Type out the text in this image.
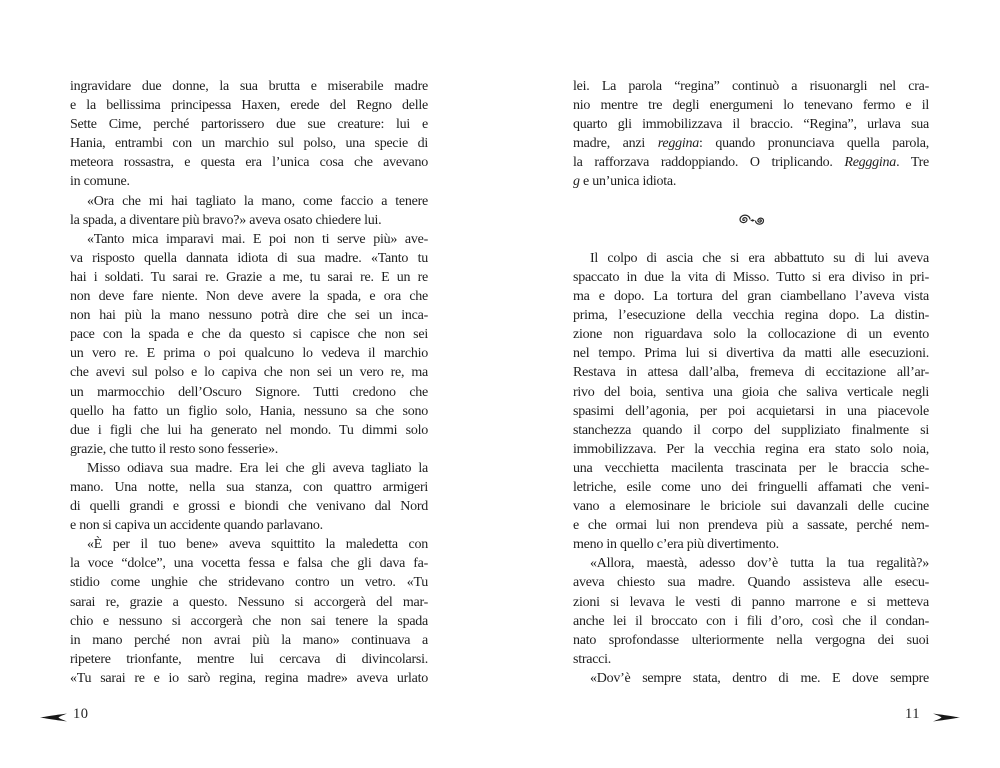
ingravidare due donne, la sua brutta e miserabile madre
e la bellissima principessa Haxen, erede del Regno delle
Sette Cime, perché partorissero due sue creature: lui e
Hania, entrambi con un marchio sul polso, una specie di
meteora rossastra, e questa era l’unica cosa che avevano
in comune.
«Ora che mi hai tagliato la mano, come faccio a tenere
la spada, a diventare più bravo?» aveva osato chiedere lui.
«Tanto mica imparavi mai. E poi non ti serve più» ave-
va risposto quella dannata idiota di sua madre. «Tanto tu
hai i soldati. Tu sarai re. Grazie a me, tu sarai re. E un re
non deve fare niente. Non deve avere la spada, e ora che
non hai più la mano nessuno potrà dire che sei un inca-
pace con la spada e che da questo si capisce che non sei
un vero re. E prima o poi qualcuno lo vedeva il marchio
che avevi sul polso e lo capiva che non sei un vero re, ma
un marmocchio dell’Oscuro Signore. Tutti credono che
quello ha fatto un figlio solo, Hania, nessuno sa che sono
due i figli che lui ha generato nel mondo. Tu dimmi solo
grazie, che tutto il resto sono fesserie».
Misso odiava sua madre. Era lei che gli aveva tagliato la
mano. Una notte, nella sua stanza, con quattro armigeri
di quelli grandi e grossi e biondi che venivano dal Nord
e non si capiva un accidente quando parlavano.
«È per il tuo bene» aveva squittito la maledetta con
la voce “dolce”, una vocetta fessa e falsa che gli dava fa-
stidio come unghie che stridevano contro un vetro. «Tu
sarai re, grazie a questo. Nessuno si accorgerà del mar-
chio e nessuno si accorgerà che non sai tenere la spada
in mano perché non avrai più la mano» continuava a
ripetere trionfante, mentre lui cercava di divincolarsi.
«Tu sarai re e io sarò regina, regina madre» aveva urlato
10
lei. La parola “regina” continuò a risuonargli nel cra-
nio mentre tre degli energumeni lo tenevano fermo e il
quarto gli immobilizzava il braccio. “Regina”, urlava sua
madre, anzi reggina: quando pronunciava quella parola,
la rafforzava raddoppiando. O triplicando. Regggina. Tre
g e un’unica idiota.
Il colpo di ascia che si era abbattuto su di lui aveva
spaccato in due la vita di Misso. Tutto si era diviso in pri-
ma e dopo. La tortura del gran ciambellano l’aveva vista
prima, l’esecuzione della vecchia regina dopo. La distin-
zione non riguardava solo la collocazione di un evento
nel tempo. Prima lui si divertiva da matti alle esecuzioni.
Restava in attesa dall’alba, fremeva di eccitazione all’ar-
rivo del boia, sentiva una gioia che saliva verticale negli
spasimi dell’agonia, per poi acquietarsi in una piacevole
stanchezza quando il corpo del suppliziato finalmente si
immobilizzava. Per la vecchia regina era stato solo noia,
una vecchietta macilenta trascinata per le braccia sche-
letriche, esile come uno dei fringuelli affamati che veni-
vano a elemosinare le briciole sui davanzali delle cucine
e che ormai lui non prendeva più a sassate, perché nem-
meno in quello c’era più divertimento.
«Allora, maestà, adesso dov’è tutta la tua regalità?»
aveva chiesto sua madre. Quando assisteva alle esecu-
zioni si levava le vesti di panno marrone e si metteva
anche lei il broccato con i fili d’oro, così che il condan-
nato sprofondasse ulteriormente nella vergogna dei suoi
stracci.
«Dov’è sempre stata, dentro di me. E dove sempre
11
